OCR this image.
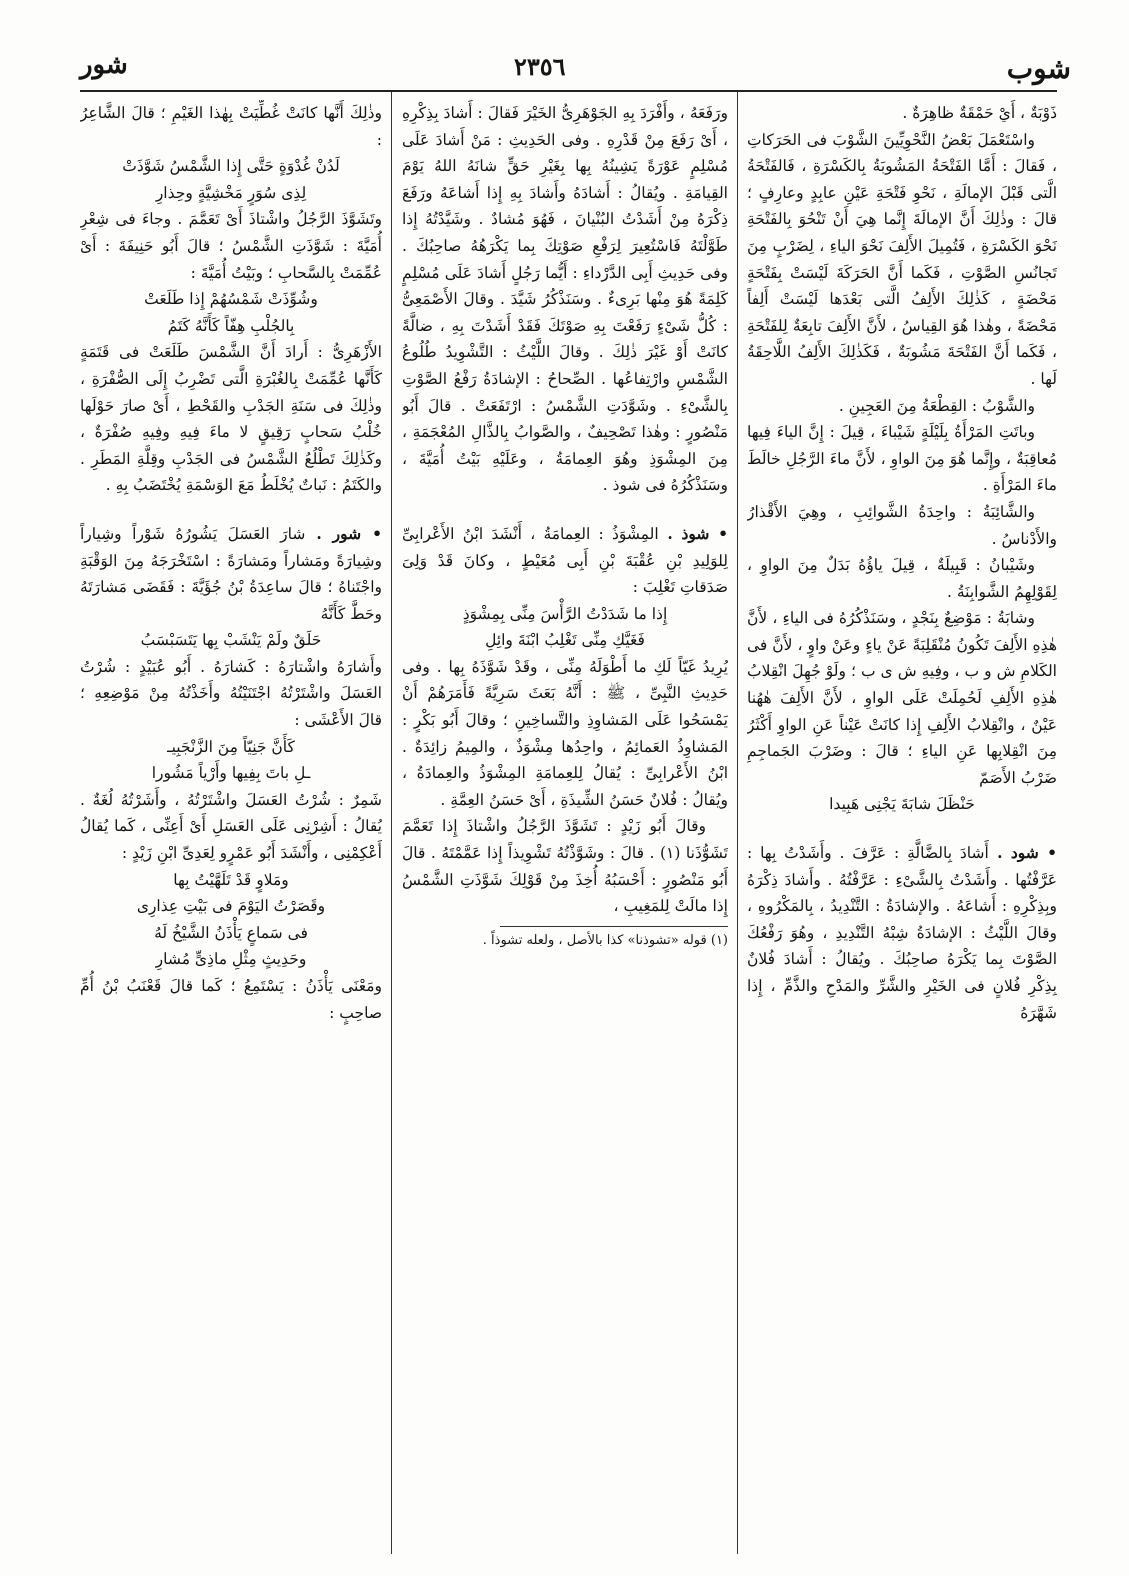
شوب
٢٣٥٦
شور

ذَوْبَةٌ ، أَيْ حَمْقَةٌ ظاهِرَةٌ .

واسْتَعْمَلَ بَعْضُ النَّحْوِيِّينَ الشَّوْبَ فى الحَرَكاتِ ، فَقالَ : أَمَّا الفَتْحَةُ المَشُوبَةُ بِالكَسْرَةِ ، فَالفَتْحَةُ الَّتى قَبْلَ الإمالَةِ ، نَحْوِ فَتْحَةِ عَيْنِ عابِدٍ وعارِفٍ ؛ قالَ : وذٰلِكَ أَنَّ الإمالَةَ إِنَّما هِيَ أَنْ تَنْحُوَ بِالفَتْحَةِ نَحْوَ الكَسْرَةِ ، فَتُمِيلَ الأَلِفَ نَحْوَ الياءِ ، لِضَرْبٍ مِنَ تَجانُسِ الصَّوْتِ ، فَكَما أَنَّ الحَرَكَةَ لَيْسَتْ بِفَتْحَةٍ مَحْضَةٍ ، كَذٰلِكَ الأَلِفُ الَّتى بَعْدَها لَيْسَتْ أَلِفاً مَحْضَةً ، وهٰذا هُوَ القِياسُ ، لأَنَّ الأَلِفَ تابِعَةٌ لِلفَتْحَةِ ، فَكَما أَنَّ الفَتْحَةَ مَشُوبَةٌ ، فَكَذٰلِكَ الأَلِفُ اللَّاحِقَةُ لَها .

والشَّوْبُ : القِطْعَةُ مِنَ العَجِينِ .

وباتَتِ المَرْأَةُ بِلَيْلَةٍ شَيْباءَ ، قِيلَ : إِنَّ الياءَ فِيها مُعاقِبَةٌ ، وإِنَّما هُوَ مِنَ الواوِ ، لأَنَّ ماءَ الرَّجُلِ خالَطَ ماءَ المَرْأَةِ .

والشَّائِبَةُ : واحِدَةُ الشَّوائِبِ ، وهِيَ الأَقْذارُ والأَدْناسُ .

وشَيْبانُ : قَبِيلَةٌ ، قِيلَ ياؤُهُ بَدَلٌ مِنَ الواوِ ، لِقَوْلِهِمُ الشَّوابِنَةُ .

وشابَةُ : مَوْضِعٌ بِنَجْدٍ ، وسَنَذْكُرُهُ فى الياءِ ، لأَنَّ هٰذِهِ الأَلِفَ تَكُونُ مُنْقَلِبَةً عَنْ ياءٍ وعَنْ واوٍ ، لأَنَّ فى الكَلامِ ش و ب ، وفِيهِ ش ى ب ؛ ولَوْ جُهِلَ انْقِلابُ هٰذِهِ الأَلِفِ لَحُمِلَتْ عَلَى الواوِ ، لأَنَّ الأَلِفَ هٰهُنا عَيْنٌ ، وانْقِلابُ الأَلِفِ إِذا كانَتْ عَيْناً عَنِ الواوِ أَكْثَرُ مِنَ انْقِلابِها عَنِ الياءِ ؛ قالَ : وضَرْبَ الجَماجِمِ ضَرْبُ الأَصَمّ

حَنْظَلَ شابَةَ يَجْنِى هَبِيدا

• شود . أَشادَ بِالضَّالَّةِ : عَرَّفَ . وأَشَدْتُ بِها : عَرَّفْتُها . وأَشَدْتُ بِالشَّىْءِ : عَرَّفْتُهُ . وأَشادَ ذِكْرَهُ وبِذِكْرِهِ : أَشاعَهُ . والإشادَةُ : التَّنْدِيدُ ، بِالمَكْرُوهِ ، وقالَ اللَّيْثُ : الإشادَةُ شِبْهُ التَّنْدِيدِ ، وهُوَ رَفْعُكَ الصَّوْتَ بِما يَكْرَهُ صاحِبُكَ . ويُقالُ : أَشادَ فُلانٌ بِذِكْرِ فُلانٍ فى الخَيْرِ والشَّرِّ والمَدْحِ والذَّمِّ ، إِذا شَهَّرَهُ

ورَفَعَهُ ، وأَفْرَدَ بِهِ الجَوْهَرِىُّ الخَيْرَ فَقالَ : أَشادَ بِذِكْرِهِ ، أَىْ رَفَعَ مِنْ قَدْرِهِ . وفى الحَدِيثِ : مَنْ أَشادَ عَلَى مُسْلِمٍ عَوْرَةً يَشِينُهُ بِها بِغَيْرِ حَقٍّ شانَهُ اللهُ يَوْمَ القِيامَةِ . ويُقالُ : أَشادَهُ وأَشادَ بِهِ إِذا أَشاعَهُ ورَفَعَ ذِكْرَهُ مِنْ أَشَدْتُ البُنْيانَ ، فَهُوَ مُشادٌ . وشَيَّدْتُهُ إِذا طَوَّلْتَهُ فَاسْتُعِيرَ لِرَفْعِ صَوْتِكَ بِما يَكْرَهُهُ صاحِبُكَ . وفى حَدِيثِ أَبِى الدَّرْداءِ : أَيُّما رَجُلٍ أَشادَ عَلَى مُسْلِمٍ كَلِمَةً هُوَ مِنْها بَرِىءٌ . وسَنَذْكُرُ شَيَّدَ . وقالَ الأَصْمَعِىُّ : كُلُّ شَىْءٍ رَفَعْتَ بِهِ صَوْتَكَ فَقَدْ أَشَدْتَ بِهِ ، ضالَّةً كانَتْ أَوْ غَيْرَ ذٰلِكَ . وقالَ اللَّيْثُ : التَّشْوِيدُ طُلُوعُ الشَّمْسِ وارْتِفاعُها . الصِّحاحُ : الإشادَةُ رَفْعُ الصَّوْتِ بِالشَّىْءِ . وشَوَّدَتِ الشَّمْسُ : ارْتَفَعَتْ . قالَ أَبُو مَنْصُورٍ : وهٰذا تَصْحِيفٌ ، والصَّوابُ بِالذَّالِ المُعْجَمَةِ ، مِنَ المِشْوَذِ وهُوَ العِمامَةُ ، وعَلَيْهِ بَيْتُ أُمَيَّةَ ، وسَنَذْكُرُهُ فى شوذ .

• شوذ . المِشْوَذُ : العِمامَةُ ، أَنْشَدَ ابْنُ الأَعْرابِىِّ لِلوَلِيدِ بْنِ عُقْبَةَ بْنِ أَبِى مُعَيْطٍ ، وكانَ قَدْ وَلِىَ صَدَقاتِ تَغْلِبَ :

إِذا ما شَدَدْتُ الرَّأْسَ مِنِّى بِمِشْوَذٍ

فَغَيَّكِ مِنِّى تَغْلِبُ ابْنَةَ وائِلِ

يُرِيدُ غَيّاً لَكِ ما أَطْوَلَهُ مِنِّى ، وقَدْ شَوَّذَهُ بِها . وفى حَدِيثِ النَّبِىِّ ، ﷺ : أَنَّهُ بَعَثَ سَرِيَّةً فَأَمَرَهُمْ أَنْ يَمْسَحُوا عَلَى المَشاوِذِ والتَّساخِينِ ؛ وقالَ أَبُو بَكْرٍ : المَشاوِذُ العَمائِمُ ، واحِدُها مِشْوَذٌ ، والمِيمُ زائِدَةٌ . ابْنُ الأَعْرابِىِّ : يُقالُ لِلعِمامَةِ المِشْوَذُ والعِمادَةُ ، ويُقالُ : فُلانٌ حَسَنُ الشِّيذَةِ ، أَىْ حَسَنُ العِمَّةِ .

وقالَ أَبُو زَيْدٍ : تَشَوَّذَ الرَّجُلُ واشْتاذَ إِذا تَعَمَّمَ تَشَوُّذَنا (١) . قالَ : وشَوَّذْتُهُ تَشْوِيذاً إِذا عَمَّمْتَهُ . قالَ أَبُو مَنْصُورٍ : أَحْسَبُهُ أُخِذَ مِنْ قَوْلِكَ شَوَّذَتِ الشَّمْسُ إِذا مالَتْ لِلمَغِيبِ ،

(١) قوله «تشوذنا» كذا بالأصل ، ولعله تشوذاً .

وذٰلِكَ أَنَّها كانَتْ غُطِّيَتْ بِهٰذا الغَيْمِ ؛ قالَ الشَّاعِرُ :

لَدُنْ غُدْوَةٍ حَتَّى إِذا الشَّمْسُ شَوَّذَتْ

لِذِى سُوَرٍ مَخْشِيَّةٍ وحِذارِ

وتَشَوَّذَ الرَّجُلُ واشْتاذَ أَىْ تَعَمَّمَ . وجاءَ فى شِعْرِ أُمَيَّةَ : شَوَّذَتِ الشَّمْسُ ؛ قالَ أَبُو حَنِيفَةَ : أَىْ عُمِّمَتْ بِالسَّحابِ ؛ وبَيْتُ أُمَيَّةَ :

وشُوِّذَتْ شَمْسُهُمْ إِذا طَلَعَتْ

بِالجُلْبِ هِفّاً كَأَنَّهُ كَتَمُ

الأَزْهَرِىُّ : أَرادَ أَنَّ الشَّمْسَ طَلَعَتْ فى قَتَمَةٍ كَأَنَّها عُمِّمَتْ بِالغُبْرَةِ الَّتى تَضْرِبُ إِلَى الصُّفْرَةِ ، وذٰلِكَ فى سَنَةِ الجَدْبِ والقَحْطِ ، أَىْ صارَ حَوْلَها خُلْبُ سَحابٍ رَقِيقٍ لا ماءَ فِيهِ وفِيهِ صُفْرَةٌ ، وكَذٰلِكَ تَطْلُعُ الشَّمْسُ فى الجَدْبِ وقِلَّةِ المَطَرِ . والكَتَمُ : نَباتٌ يُخْلَطُ مَعَ الوَسْمَةِ يُخْتَضَبُ بِهِ .

• شور . شارَ العَسَلَ يَشُورُهُ شَوْراً وشِياراً وشِيارَةً ومَشاراً ومَشارَةً : اسْتَخْرَجَهُ مِنَ الوَقْبَةِ واجْتَناهُ ؛ قالَ ساعِدَةُ بْنُ جُؤَيَّةَ : فَقَضَى مَشارَتَهُ وحَطَّ كَأَنَّهُ

حَلَقٌ ولَمْ يَنْشَبْ بِها يَتَسَبْسَبُ

وأَشارَهُ واشْتارَهُ : كَشارَهُ . أَبُو عُبَيْدٍ : شُرْتُ العَسَلَ واشْتَرْتُهُ اجْتَنَيْتُهُ وأَخَذْتُهُ مِنْ مَوْضِعِهِ ؛ قالَ الأَعْشَى :

كَأَنَّ جَنِيّاً مِنَ الزَّنْجَبِيـ

ـلِ باتَ بِفِيها وأَرْياً مَشُورا

شَمِرٌ : شُرْتُ العَسَلَ واشْتَرْتُهُ ، وأَشَرْتُهُ لُغَةٌ . يُقالُ : أَشِرْنِى عَلَى العَسَلِ أَىْ أَعِنِّى ، كَما يُقالُ أَعْكِمْنِى ، وأَنْشَدَ أَبُو عَمْرٍو لِعَدِىِّ ابْنِ زَيْدٍ :

ومَلاوٍ قَدْ تَلَهَّيْتُ بِها

وقَصَرْتُ اليَوْمَ فى بَيْتِ عِذارِى

فى سَماعٍ يَأْذَنُ الشَّيْخُ لَهُ

وحَدِيثٍ مِثْلِ ماذِىٍّ مُشارِ

ومَعْنَى يَأْذَنُ : يَسْتَمِعُ ؛ كَما قالَ قَعْنَبُ بْنُ أُمِّ صاحِبٍ :
